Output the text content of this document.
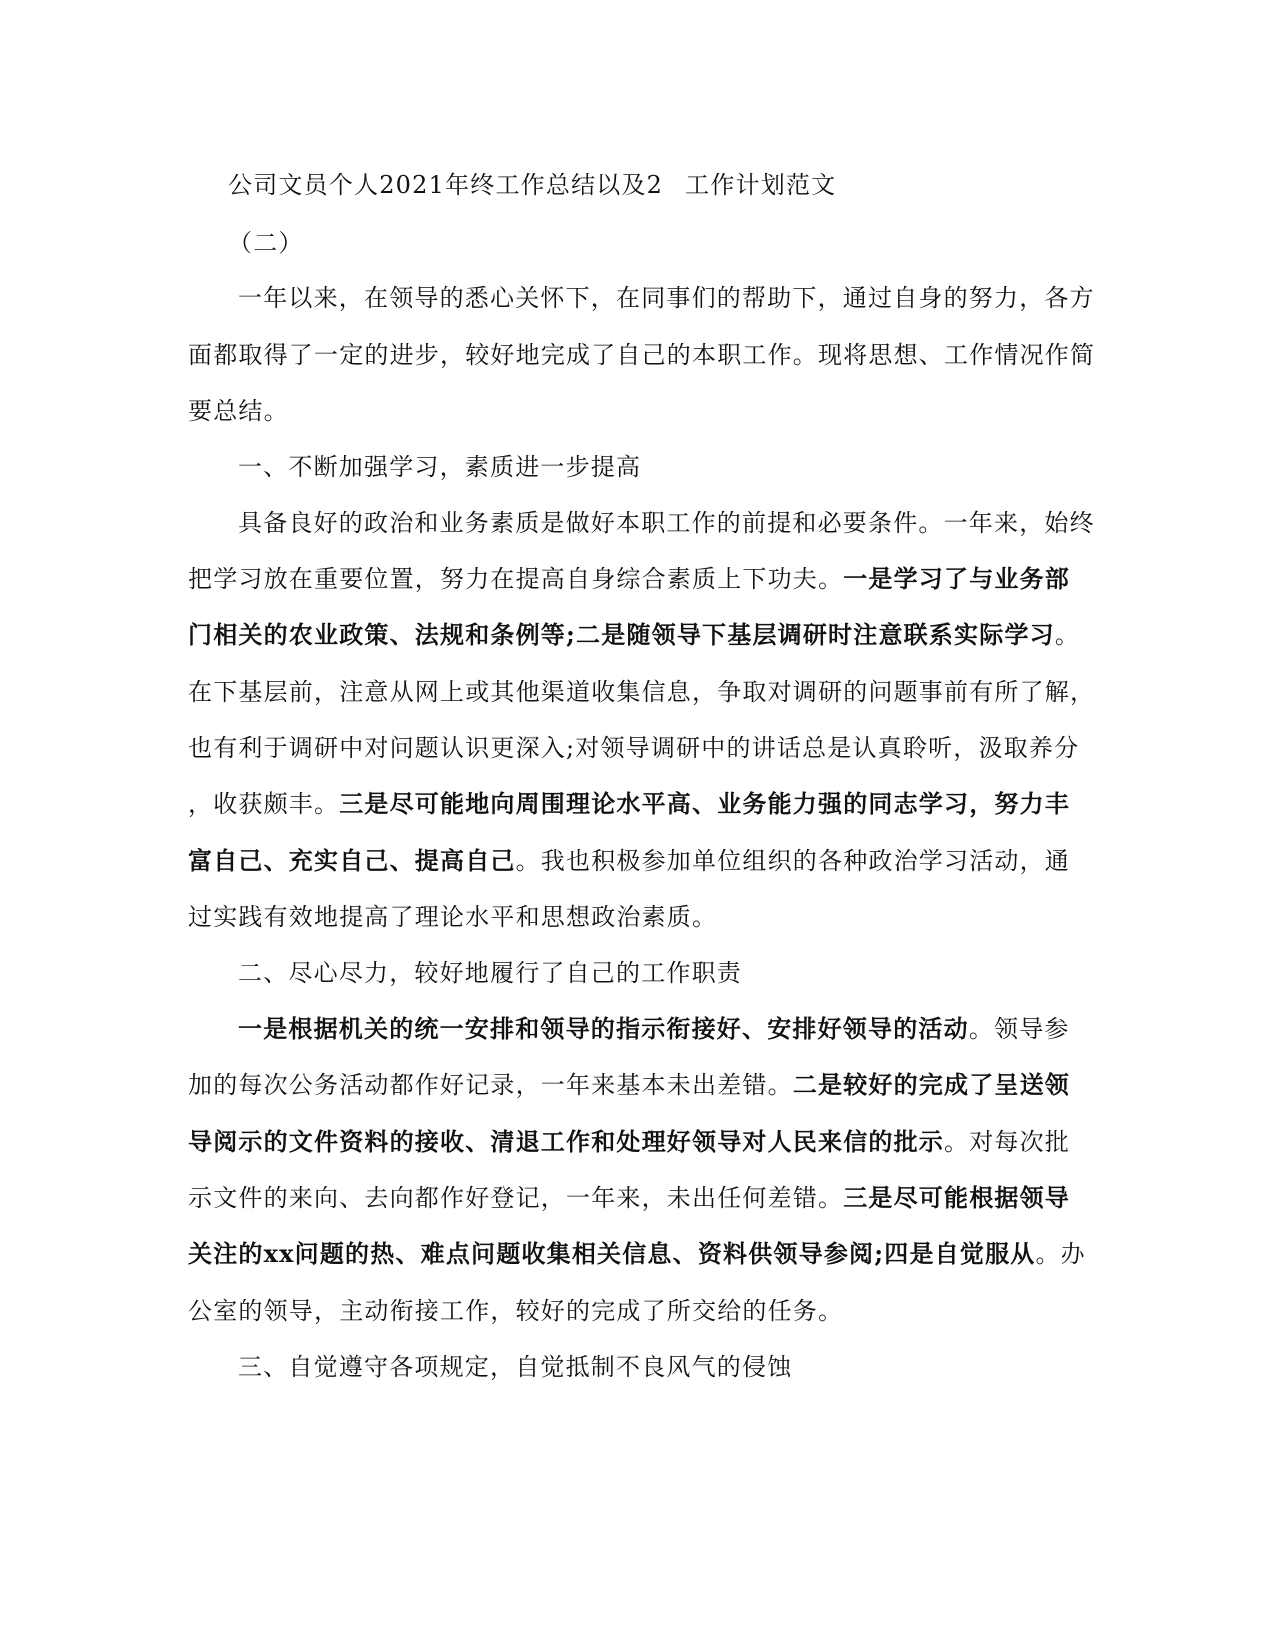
公司文员个人2021年终工作总结以及2 工作计划范文
（二）
一年以来，在领导的悉心关怀下，在同事们的帮助下，通过自身的努力，各方
面都取得了一定的进步，较好地完成了自己的本职工作。现将思想、工作情况作简
要总结。
一、不断加强学习，素质进一步提高
具备良好的政治和业务素质是做好本职工作的前提和必要条件。一年来，始终
把学习放在重要位置，努力在提高自身综合素质上下功夫。一是学习了与业务部
门相关的农业政策、法规和条例等;二是随领导下基层调研时注意联系实际学习。
在下基层前，注意从网上或其他渠道收集信息，争取对调研的问题事前有所了解，
也有利于调研中对问题认识更深入;对领导调研中的讲话总是认真聆听，汲取养分
，收获颇丰。三是尽可能地向周围理论水平高、业务能力强的同志学习，努力丰
富自己、充实自己、提高自己。我也积极参加单位组织的各种政治学习活动，通
过实践有效地提高了理论水平和思想政治素质。
二、尽心尽力，较好地履行了自己的工作职责
一是根据机关的统一安排和领导的指示衔接好、安排好领导的活动。领导参
加的每次公务活动都作好记录，一年来基本未出差错。二是较好的完成了呈送领
导阅示的文件资料的接收、清退工作和处理好领导对人民来信的批示。对每次批
示文件的来向、去向都作好登记，一年来，未出任何差错。三是尽可能根据领导
关注的xx问题的热、难点问题收集相关信息、资料供领导参阅;四是自觉服从。办
公室的领导，主动衔接工作，较好的完成了所交给的任务。
三、自觉遵守各项规定，自觉抵制不良风气的侵蚀
